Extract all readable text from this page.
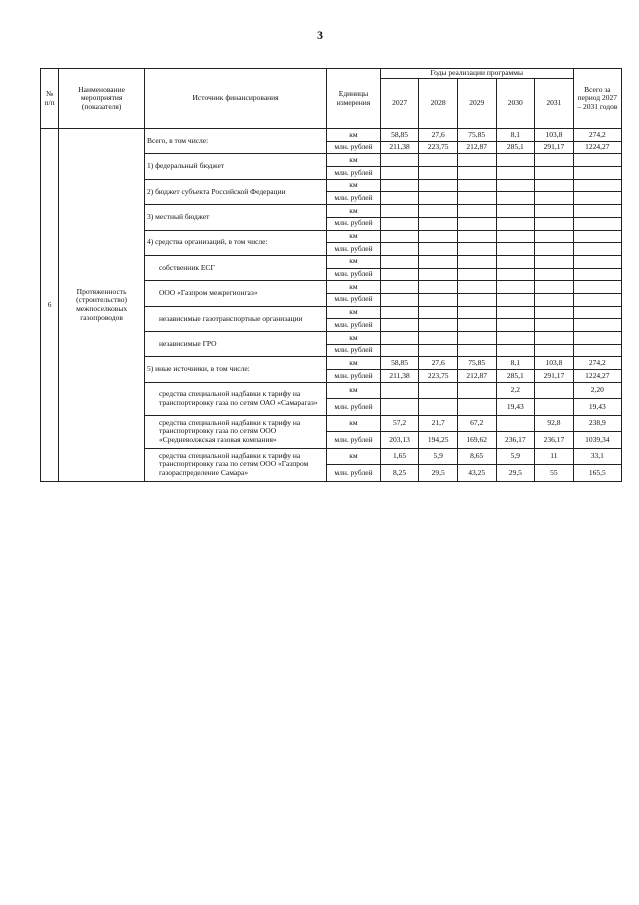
3
№ п/п	Наименование мероприятия (показателя)	Источник финансирования	Единицы измерения	Годы реализации программы					Всего за период 2027 – 2031 годов
				2027	2028	2029	2030	2031	
6	Протяженность (строительство) межпоселковых газопроводов	Всего, в том числе:	км	58,85	27,6	75,85	8,1	103,8	274,2
			млн. рублей	211,38	223,75	212,87	285,1	291,17	1224,27
		1) федеральный бюджет	км						
			млн. рублей						
		2) бюджет субъекта Российской Федерации	км						
			млн. рублей						
		3) местный бюджет	км						
			млн. рублей						
		4) средства организаций, в том числе:	км						
			млн. рублей						
		собственник ЕСГ	км						
			млн. рублей						
		ООО «Газпром межрегионгаз»	км						
			млн. рублей						
		независимые газотранспортные организации	км						
			млн. рублей						
		независимые ГРО	км						
			млн. рублей						
		5) иные источники, в том числе:	км	58,85	27,6	75,85	8,1	103,8	274,2
			млн. рублей	211,38	223,75	212,87	285,1	291,17	1224,27
		средства специальной надбавки к тарифу на транспортировку газа по сетям ОАО «Самарагаз»	км				2,2		2,20
			млн. рублей				19,43		19,43
		средства специальной надбавки к тарифу на транспортировку газа по сетям ООО «Средневолжская газовая компания»	км	57,2	21,7	67,2		92,8	238,9
			млн. рублей	203,13	194,25	169,62	236,17	236,17	1039,34
		средства специальной надбавки к тарифу на транспортировку газа по сетям ООО «Газпром газораспределение Самара»	км	1,65	5,9	8,65	5,9	11	33,1
			млн. рублей	8,25	29,5	43,25	29,5	55	165,5
